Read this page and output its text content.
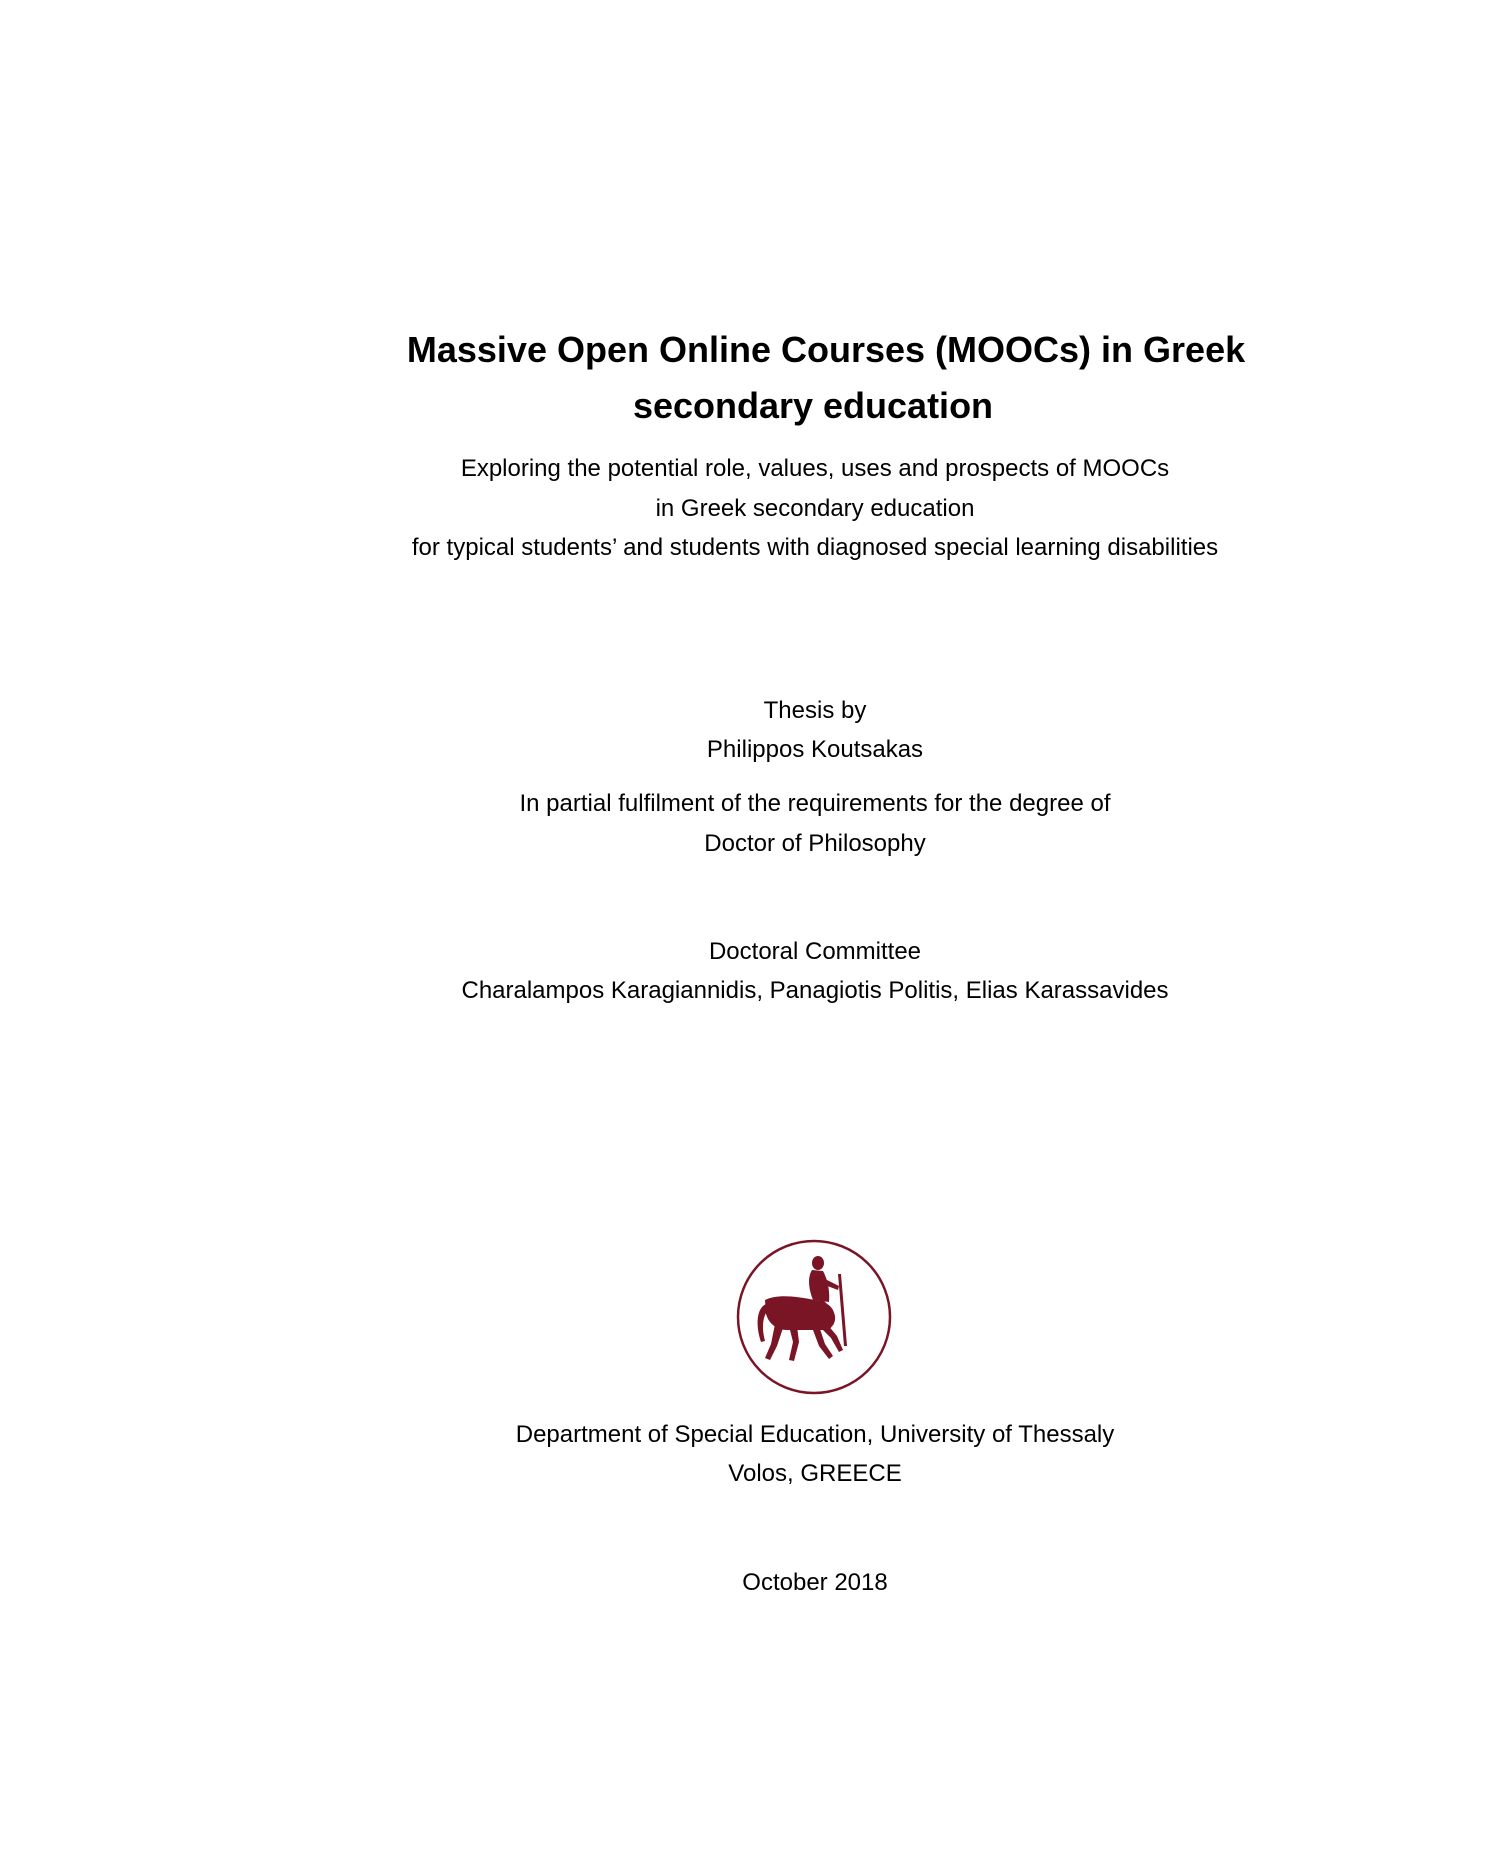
Massive Open Online Courses (MOOCs) in Greek

secondary education

Exploring the potential role, values, uses and prospects of MOOCs

in Greek secondary education

for typical students’ and students with diagnosed special learning disabilities

Thesis by

Philippos Koutsakas

In partial fulfilment of the requirements for the degree of

Doctor of Philosophy

Doctoral Committee

Charalampos Karagiannidis, Panagiotis Politis, Elias Karassavides

Department of Special Education, University of Thessaly

Volos, GREECE

October 2018
